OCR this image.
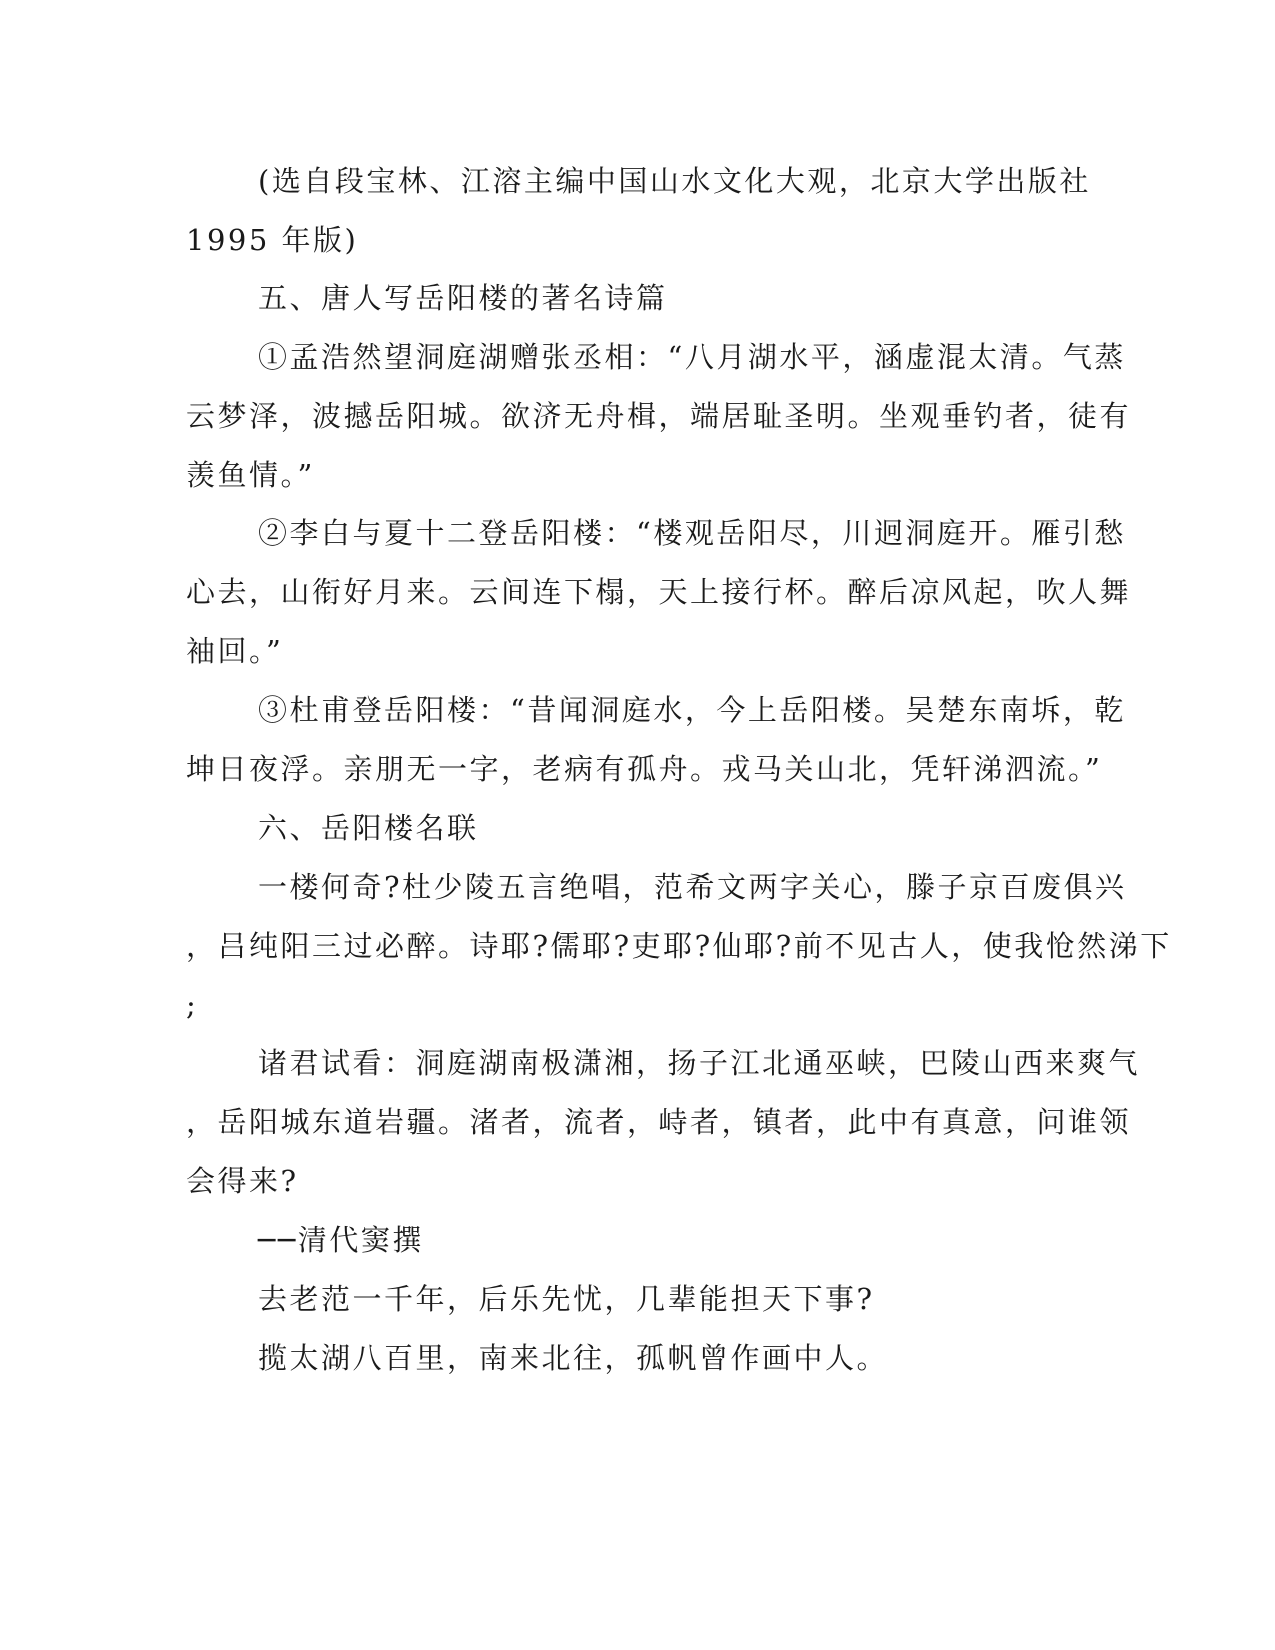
(选自段宝林、江溶主编中国山水文化大观，北京大学出版社
1995 年版)
五、唐人写岳阳楼的著名诗篇
①孟浩然望洞庭湖赠张丞相：“八月湖水平，涵虚混太清。气蒸
云梦泽，波撼岳阳城。欲济无舟楫，端居耻圣明。坐观垂钓者，徒有
羡鱼情。”
②李白与夏十二登岳阳楼：“楼观岳阳尽，川迥洞庭开。雁引愁
心去，山衔好月来。云间连下榻，天上接行杯。醉后凉风起，吹人舞
袖回。”
③杜甫登岳阳楼：“昔闻洞庭水，今上岳阳楼。吴楚东南坼，乾
坤日夜浮。亲朋无一字，老病有孤舟。戎马关山北，凭轩涕泗流。”
六、岳阳楼名联
一楼何奇?杜少陵五言绝唱，范希文两字关心，滕子京百废俱兴
，吕纯阳三过必醉。诗耶?儒耶?吏耶?仙耶?前不见古人，使我怆然涕下
;
诸君试看：洞庭湖南极潇湘，扬子江北通巫峡，巴陵山西来爽气
，岳阳城东道岩疆。渚者，流者，峙者，镇者，此中有真意，问谁领
会得来?
──清代窦撰
去老范一千年，后乐先忧，几辈能担天下事?
揽太湖八百里，南来北往，孤帆曾作画中人。
